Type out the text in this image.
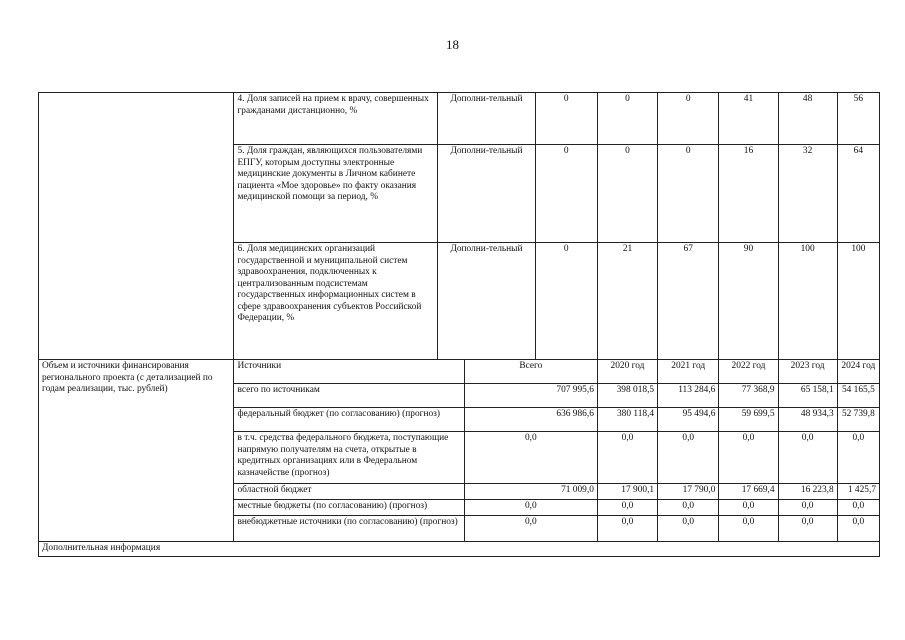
18
	4. Доля записей на прием к врачу, совершенных гражданами дистанционно, %	Дополни-тельный		0	0	0	41	48	56
	5. Доля граждан, являющихся пользователями ЕПГУ, которым доступны электронные медицинские документы в Личном кабинете пациента «Мое здоровье» по факту оказания медицинской помощи за период, %	Дополни-тельный		0	0	0	16	32	64
	6. Доля медицинских организаций государственной и муниципальной систем здравоохранения, подключенных к централизованным подсистемам государственных информационных систем в сфере здравоохранения субъектов Российской Федерации, %	Дополни-тельный		0	21	67	90	100	100
Объем и источники финансирования регионального проекта (с детализацией по годам реализации, тыс. рублей)	Источники		Всего		2020 год	2021 год	2022 год	2023 год	2024 год
	всего по источникам		707 995,6		398 018,5	113 284,6	77 368,9	65 158,1	54 165,5
	федеральный бюджет (по согласованию) (прогноз)		636 986,6		380 118,4	95 494,6	59 699,5	48 934,3	52 739,8
	в т.ч. средства федерального бюджета, поступающие напрямую получателям на счета, открытые в кредитных организациях или в Федеральном казначействе (прогноз)		0,0		0,0	0,0	0,0	0,0	0,0
	областной бюджет		71 009,0		17 900,1	17 790,0	17 669,4	16 223,8	1 425,7
	местные бюджеты (по согласованию) (прогноз)		0,0		0,0	0,0	0,0	0,0	0,0
	внебюджетные источники (по согласованию) (прогноз)		0,0		0,0	0,0	0,0	0,0	0,0
Дополнительная информация									
